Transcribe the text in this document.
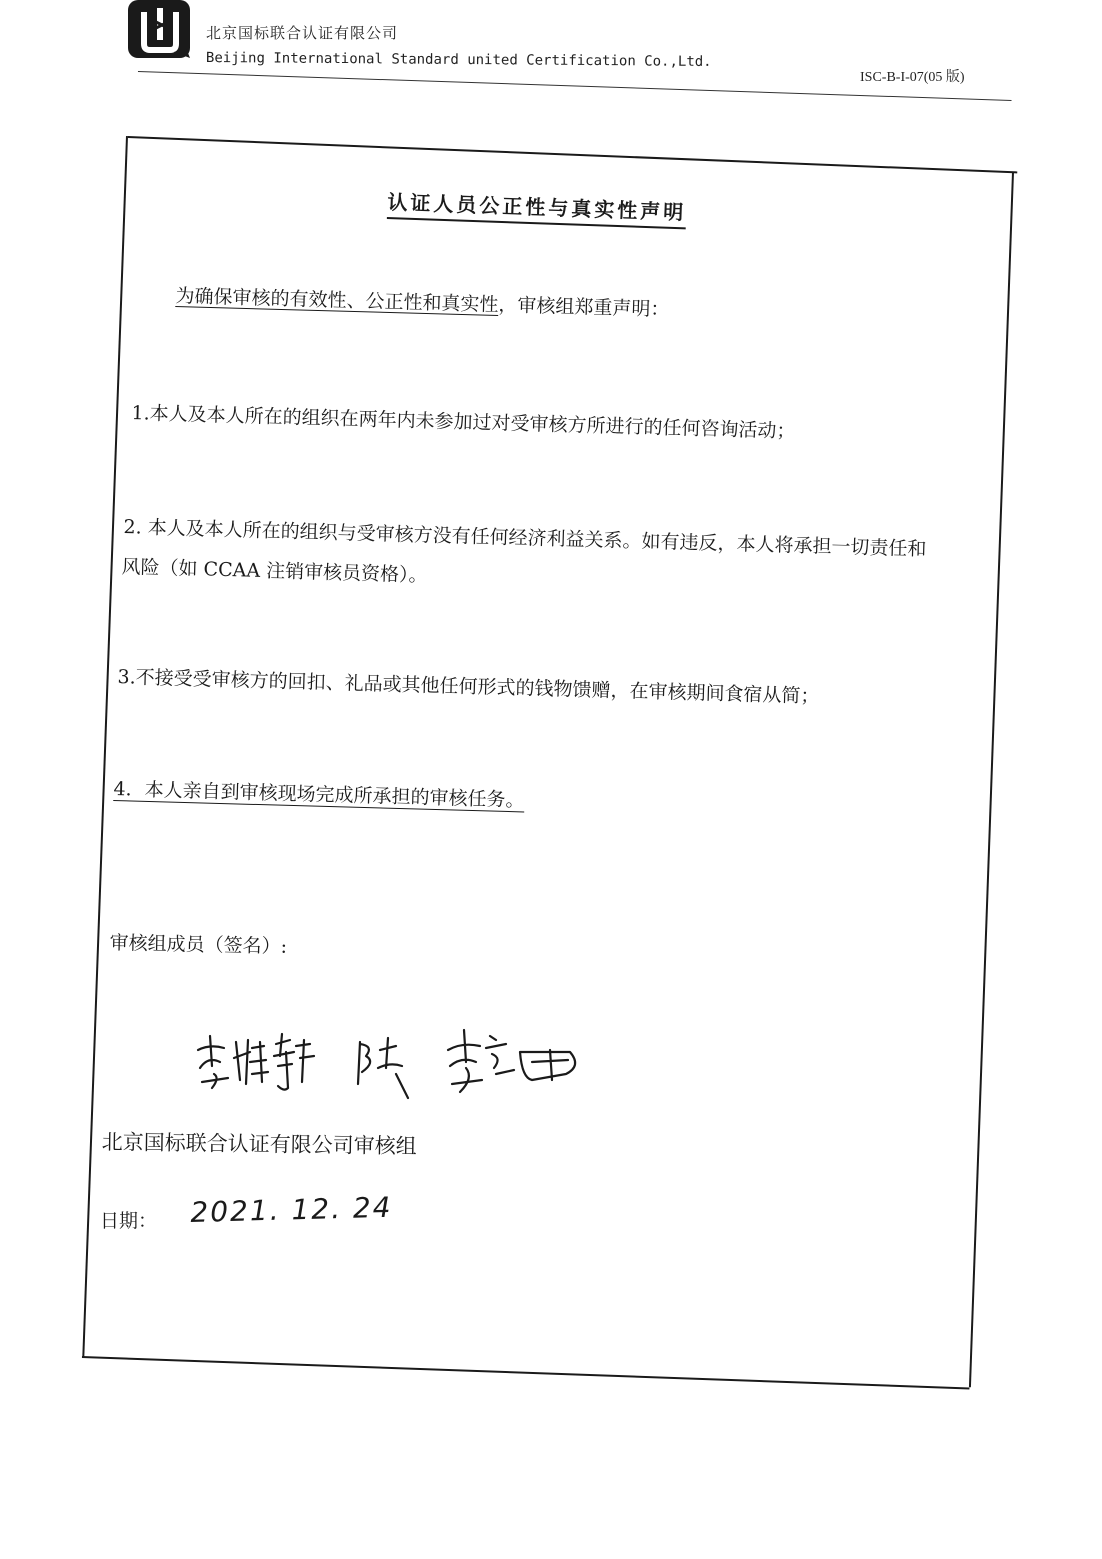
北京国标联合认证有限公司
Beijing International Standard united Certification Co.,Ltd.
ISC-B-I-07(05 版)
认证人员公正性与真实性声明
为确保审核的有效性、公正性和真实性，审核组郑重声明：
1.本人及本人所在的组织在两年内未参加过对受审核方所进行的任何咨询活动；
2. 本人及本人所在的组织与受审核方没有任何经济利益关系。如有违反，本人将承担一切责任和
风险（如 CCAA 注销审核员资格）。
3.不接受受审核方的回扣、礼品或其他任何形式的钱物馈赠，在审核期间食宿从简；
4．本人亲自到审核现场完成所承担的审核任务。
审核组成员（签名）:
北京国标联合认证有限公司审核组
日期： 2021. 12. 24
